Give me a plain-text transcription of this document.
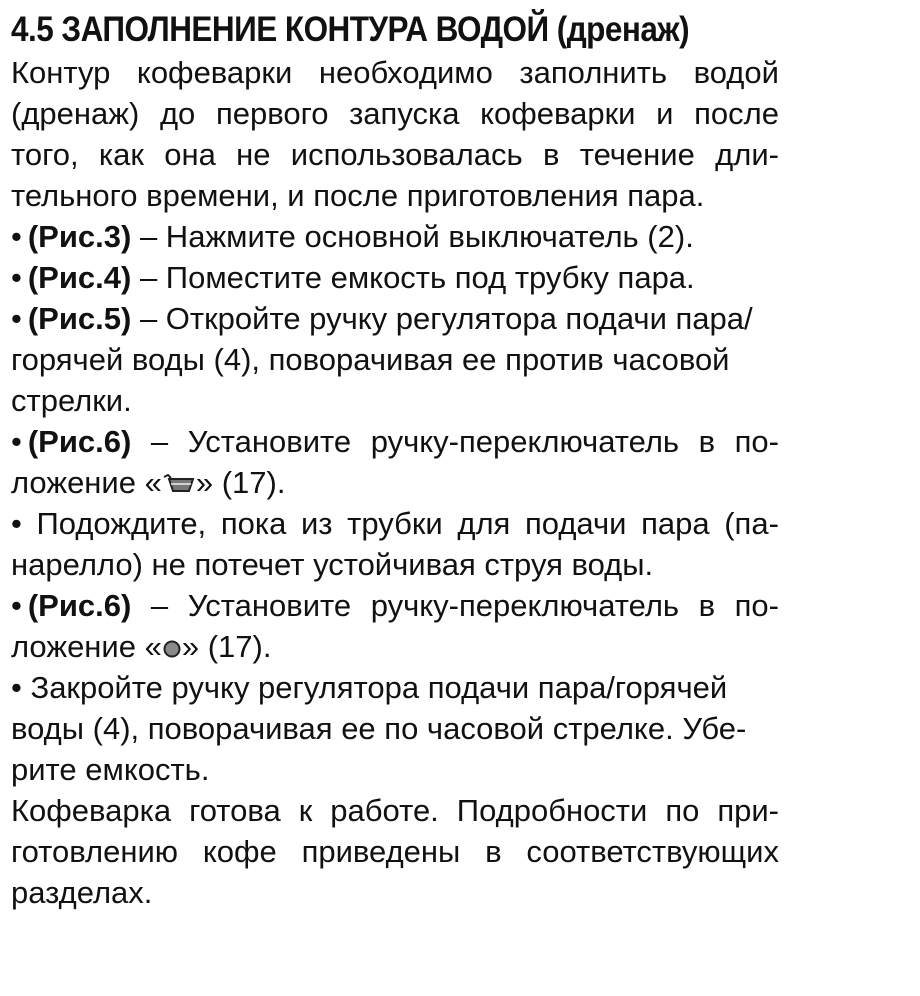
4.5 ЗАПОЛНЕНИЕ КОНТУРА ВОДОЙ (дренаж)
Контур кофеварки необходимо заполнить водой
(дренаж) до первого запуска кофеварки и после
того, как она не использовалась в течение дли-
тельного времени, и после приготовления пара.
• (Рис.3) – Нажмите основной выключатель (2).
• (Рис.4) – Поместите емкость под трубку пара.
• (Рис.5) – Откройте ручку регулятора подачи пара/
горячей воды (4), поворачивая ее против часовой
стрелки.
• (Рис.6) – Установите ручку-переключатель в по-
ложение « » (17).
• Подождите, пока из трубки для подачи пара (па-
нарелло) не потечет устойчивая струя воды.
• (Рис.6) – Установите ручку-переключатель в по-
ложение « » (17).
• Закройте ручку регулятора подачи пара/горячей
воды (4), поворачивая ее по часовой стрелке. Убе-
рите емкость.
Кофеварка готова к работе. Подробности по при-
готовлению кофе приведены в соответствующих
разделах.
